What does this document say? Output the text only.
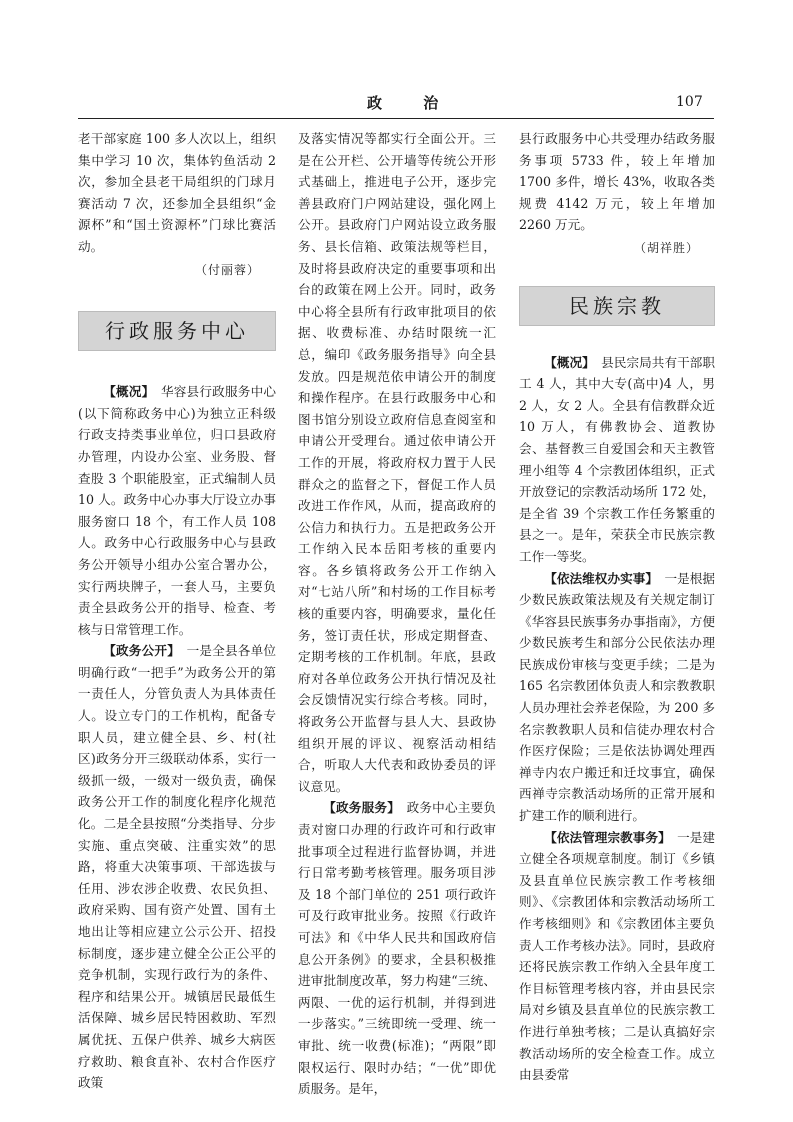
政 治	107

老干部家庭 100 多人次以上，组织集中学习 10 次，集体钓鱼活动 2 次，参加全县老干局组织的门球月赛活动 7 次，还参加全县组织“金源杯”和“国土资源杯”门球比赛活动。

（付丽蓉）
行政服务中心

【概况】　 华容县行政服务中心(以下简称政务中心)为独立正科级行政支持类事业单位，归口县政府办管理，内设办公室、业务股、督查股 3 个职能股室，正式编制人员 10 人。政务中心办事大厅设立办事服务窗口 18 个，有工作人员 108 人。政务中心行政服务中心与县政务公开领导小组办公室合署办公，实行两块牌子，一套人马，主要负责全县政务公开的指导、检查、考核与日常管理工作。

【政务公开】　 一是全县各单位明确行政“一把手”为政务公开的第一责任人，分管负责人为具体责任人。设立专门的工作机构，配备专职人员，建立健全县、乡、村(社区)政务分开三级联动体系，实行一级抓一级，一级对一级负责，确保政务公开工作的制度化程序化规范化。二是全县按照“分类指导、分步实施、重点突破、注重实效”的思路，将重大决策事项、干部选拔与任用、涉农涉企收费、农民负担、政府采购、国有资产处置、国有土地出让等相应建立公示公开、招投标制度，逐步建立健全公正公平的竞争机制，实现行政行为的条件、程序和结果公开。城镇居民最低生活保障、城乡居民特困救助、军烈属优抚、五保户供养、城乡大病医疗救助、粮食直补、农村合作医疗政策

及落实情况等都实行全面公开。三是在公开栏、公开墙等传统公开形式基础上，推进电子公开，逐步完善县政府门户网站建设，强化网上公开。县政府门户网站设立政务服务、县长信箱、政策法规等栏目，及时将县政府决定的重要事项和出台的政策在网上公开。同时，政务中心将全县所有行政审批项目的依据、收费标准、办结时限统一汇总，编印《政务服务指导》向全县发放。四是规范依申请公开的制度和操作程序。在县行政服务中心和图书馆分别设立政府信息查阅室和申请公开受理台。通过依申请公开工作的开展，将政府权力置于人民群众之的监督之下，督促工作人员改进工作作风，从而，提高政府的公信力和执行力。五是把政务公开工作纳入民本岳阳考核的重要内容。各乡镇将政务公开工作纳入对“七站八所”和村场的工作目标考核的重要内容，明确要求，量化任务，签订责任状，形成定期督查、定期考核的工作机制。年底，县政府对各单位政务公开执行情况及社会反馈情况实行综合考核。同时，将政务公开监督与县人大、县政协组织开展的评议、视察活动相结合，听取人大代表和政协委员的评议意见。

【政务服务】　 政务中心主要负责对窗口办理的行政许可和行政审批事项全过程进行监督协调，并进行日常考勤考核管理。服务项目涉及 18 个部门单位的 251 项行政许可及行政审批业务。按照《行政许可法》和《中华人民共和国政府信息公开条例》的要求，全县积极推进审批制度改革，努力构建“三统、两限、一优的运行机制，并得到进一步落实。”三统即统一受理、统一审批、统一收费(标准)；“两限”即限权运行、限时办结；“一优”即优质服务。是年，

县行政服务中心共受理办结政务服务事项 5733 件，较上年增加 1700 多件，增长 43%，收取各类规费 4142 万元，较上年增加 2260 万元。

（胡祥胜）
民族宗教

【概况】　 县民宗局共有干部职工 4 人，其中大专(高中)4 人，男 2 人，女 2 人。全县有信教群众近 10 万人，有佛教协会、道教协会、基督教三自爱国会和天主教管理小组等 4 个宗教团体组织，正式开放登记的宗教活动场所 172 处，是全省 39 个宗教工作任务繁重的县之一。是年，荣获全市民族宗教工作一等奖。

【依法维权办实事】　 一是根据少数民族政策法规及有关规定制订《华容县民族事务办事指南》，方便少数民族考生和部分公民依法办理民族成份审核与变更手续；二是为 165 名宗教团体负责人和宗教教职人员办理社会养老保险，为 200 多名宗教教职人员和信徒办理农村合作医疗保险；三是依法协调处理西禅寺内农户搬迁和迁坟事宜，确保西禅寺宗教活动场所的正常开展和扩建工作的顺利进行。

【依法管理宗教事务】　 一是建立健全各项规章制度。制订《乡镇及县直单位民族宗教工作考核细则》、《宗教团体和宗教活动场所工作考核细则》和《宗教团体主要负责人工作考核办法》。同时，县政府还将民族宗教工作纳入全县年度工作目标管理考核内容，并由县民宗局对乡镇及县直单位的民族宗教工作进行单独考核；二是认真搞好宗教活动场所的安全检查工作。成立由县委常
